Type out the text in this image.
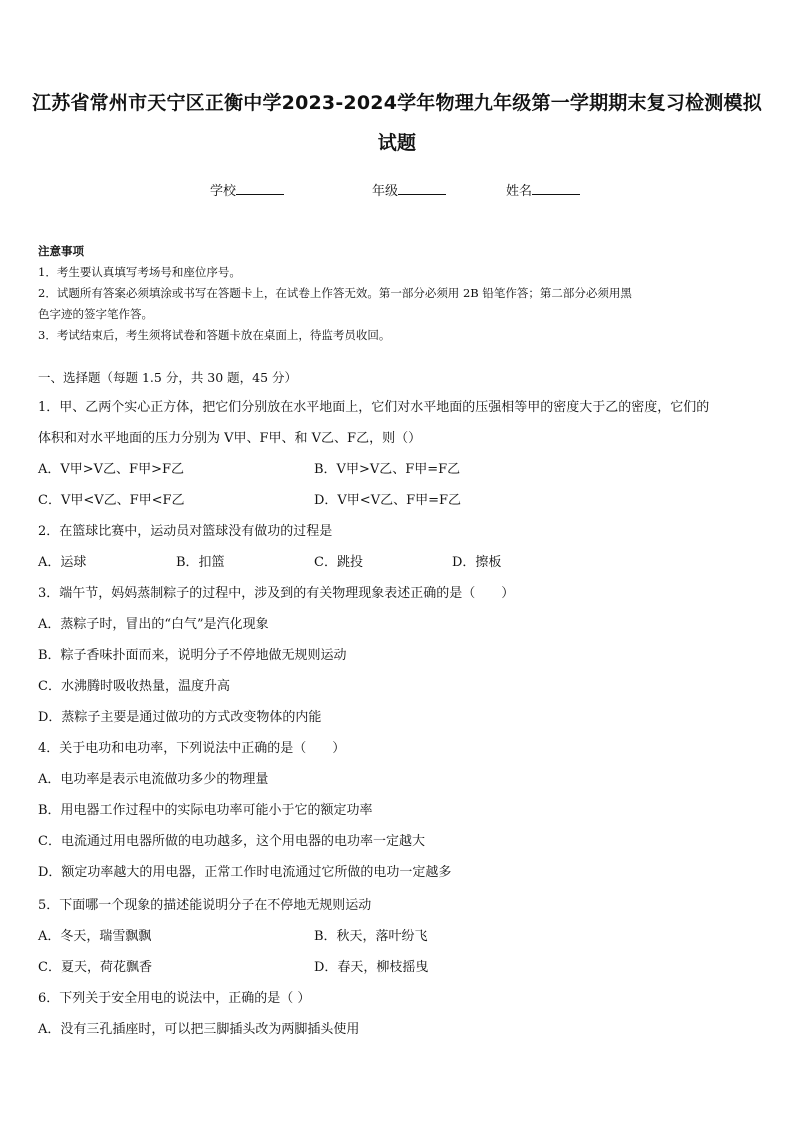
江苏省常州市天宁区正衡中学2023-2024学年物理九年级第一学期期末复习检测模拟
试题
学校	年级	姓名
注意事项
1．考生要认真填写考场号和座位序号。
2．试题所有答案必须填涂或书写在答题卡上，在试卷上作答无效。第一部分必须用 2B 铅笔作答；第二部分必须用黑
色字迹的签字笔作答。
3．考试结束后，考生须将试卷和答题卡放在桌面上，待监考员收回。
一、选择题（每题 1.5 分，共 30 题，45 分）
1．甲、乙两个实心正方体，把它们分别放在水平地面上，它们对水平地面的压强相等甲的密度大于乙的密度，它们的
体积和对水平地面的压力分别为 V甲、F甲、和 V乙、F乙，则（）
A．V甲>V乙、F甲>F乙	B．V甲>V乙、F甲=F乙
C．V甲<V乙、F甲<F乙	D．V甲<V乙、F甲=F乙
2．在篮球比赛中，运动员对篮球没有做功的过程是
A．运球	B．扣篮	C．跳投	D．擦板
3．端午节，妈妈蒸制粽子的过程中，涉及到的有关物理现象表述正确的是（　　）
A．蒸粽子时，冒出的“白气”是汽化现象
B．粽子香味扑面而来，说明分子不停地做无规则运动
C．水沸腾时吸收热量，温度升高
D．蒸粽子主要是通过做功的方式改变物体的内能
4．关于电功和电功率，下列说法中正确的是（　　）
A．电功率是表示电流做功多少的物理量
B．用电器工作过程中的实际电功率可能小于它的额定功率
C．电流通过用电器所做的电功越多，这个用电器的电功率一定越大
D．额定功率越大的用电器，正常工作时电流通过它所做的电功一定越多
5．下面哪一个现象的描述能说明分子在不停地无规则运动
A．冬天，瑞雪飘飘	B．秋天，落叶纷飞
C．夏天，荷花飘香	D．春天，柳枝摇曳
6．下列关于安全用电的说法中，正确的是（ ）
A．没有三孔插座时，可以把三脚插头改为两脚插头使用
